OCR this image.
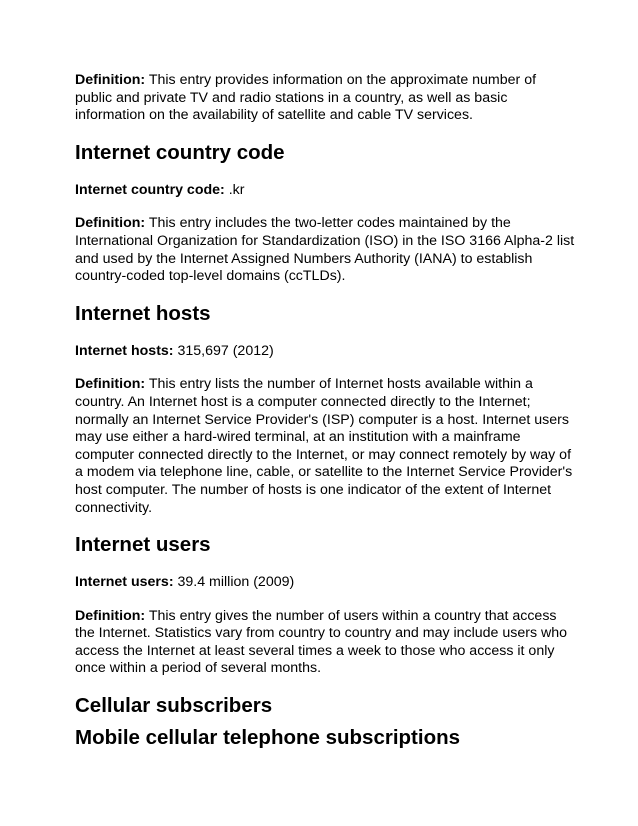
Definition: This entry provides information on the approximate number of public and private TV and radio stations in a country, as well as basic information on the availability of satellite and cable TV services.

Internet country code

Internet country code: .kr

Definition: This entry includes the two-letter codes maintained by the International Organization for Standardization (ISO) in the ISO 3166 Alpha-2 list and used by the Internet Assigned Numbers Authority (IANA) to establish country-coded top-level domains (ccTLDs).

Internet hosts

Internet hosts: 315,697 (2012)

Definition: This entry lists the number of Internet hosts available within a country. An Internet host is a computer connected directly to the Internet; normally an Internet Service Provider's (ISP) computer is a host. Internet users may use either a hard-wired terminal, at an institution with a mainframe computer connected directly to the Internet, or may connect remotely by way of a modem via telephone line, cable, or satellite to the Internet Service Provider's host computer. The number of hosts is one indicator of the extent of Internet connectivity.

Internet users

Internet users: 39.4 million (2009)

Definition: This entry gives the number of users within a country that access the Internet. Statistics vary from country to country and may include users who access the Internet at least several times a week to those who access it only once within a period of several months.

Cellular subscribers
Mobile cellular telephone subscriptions
